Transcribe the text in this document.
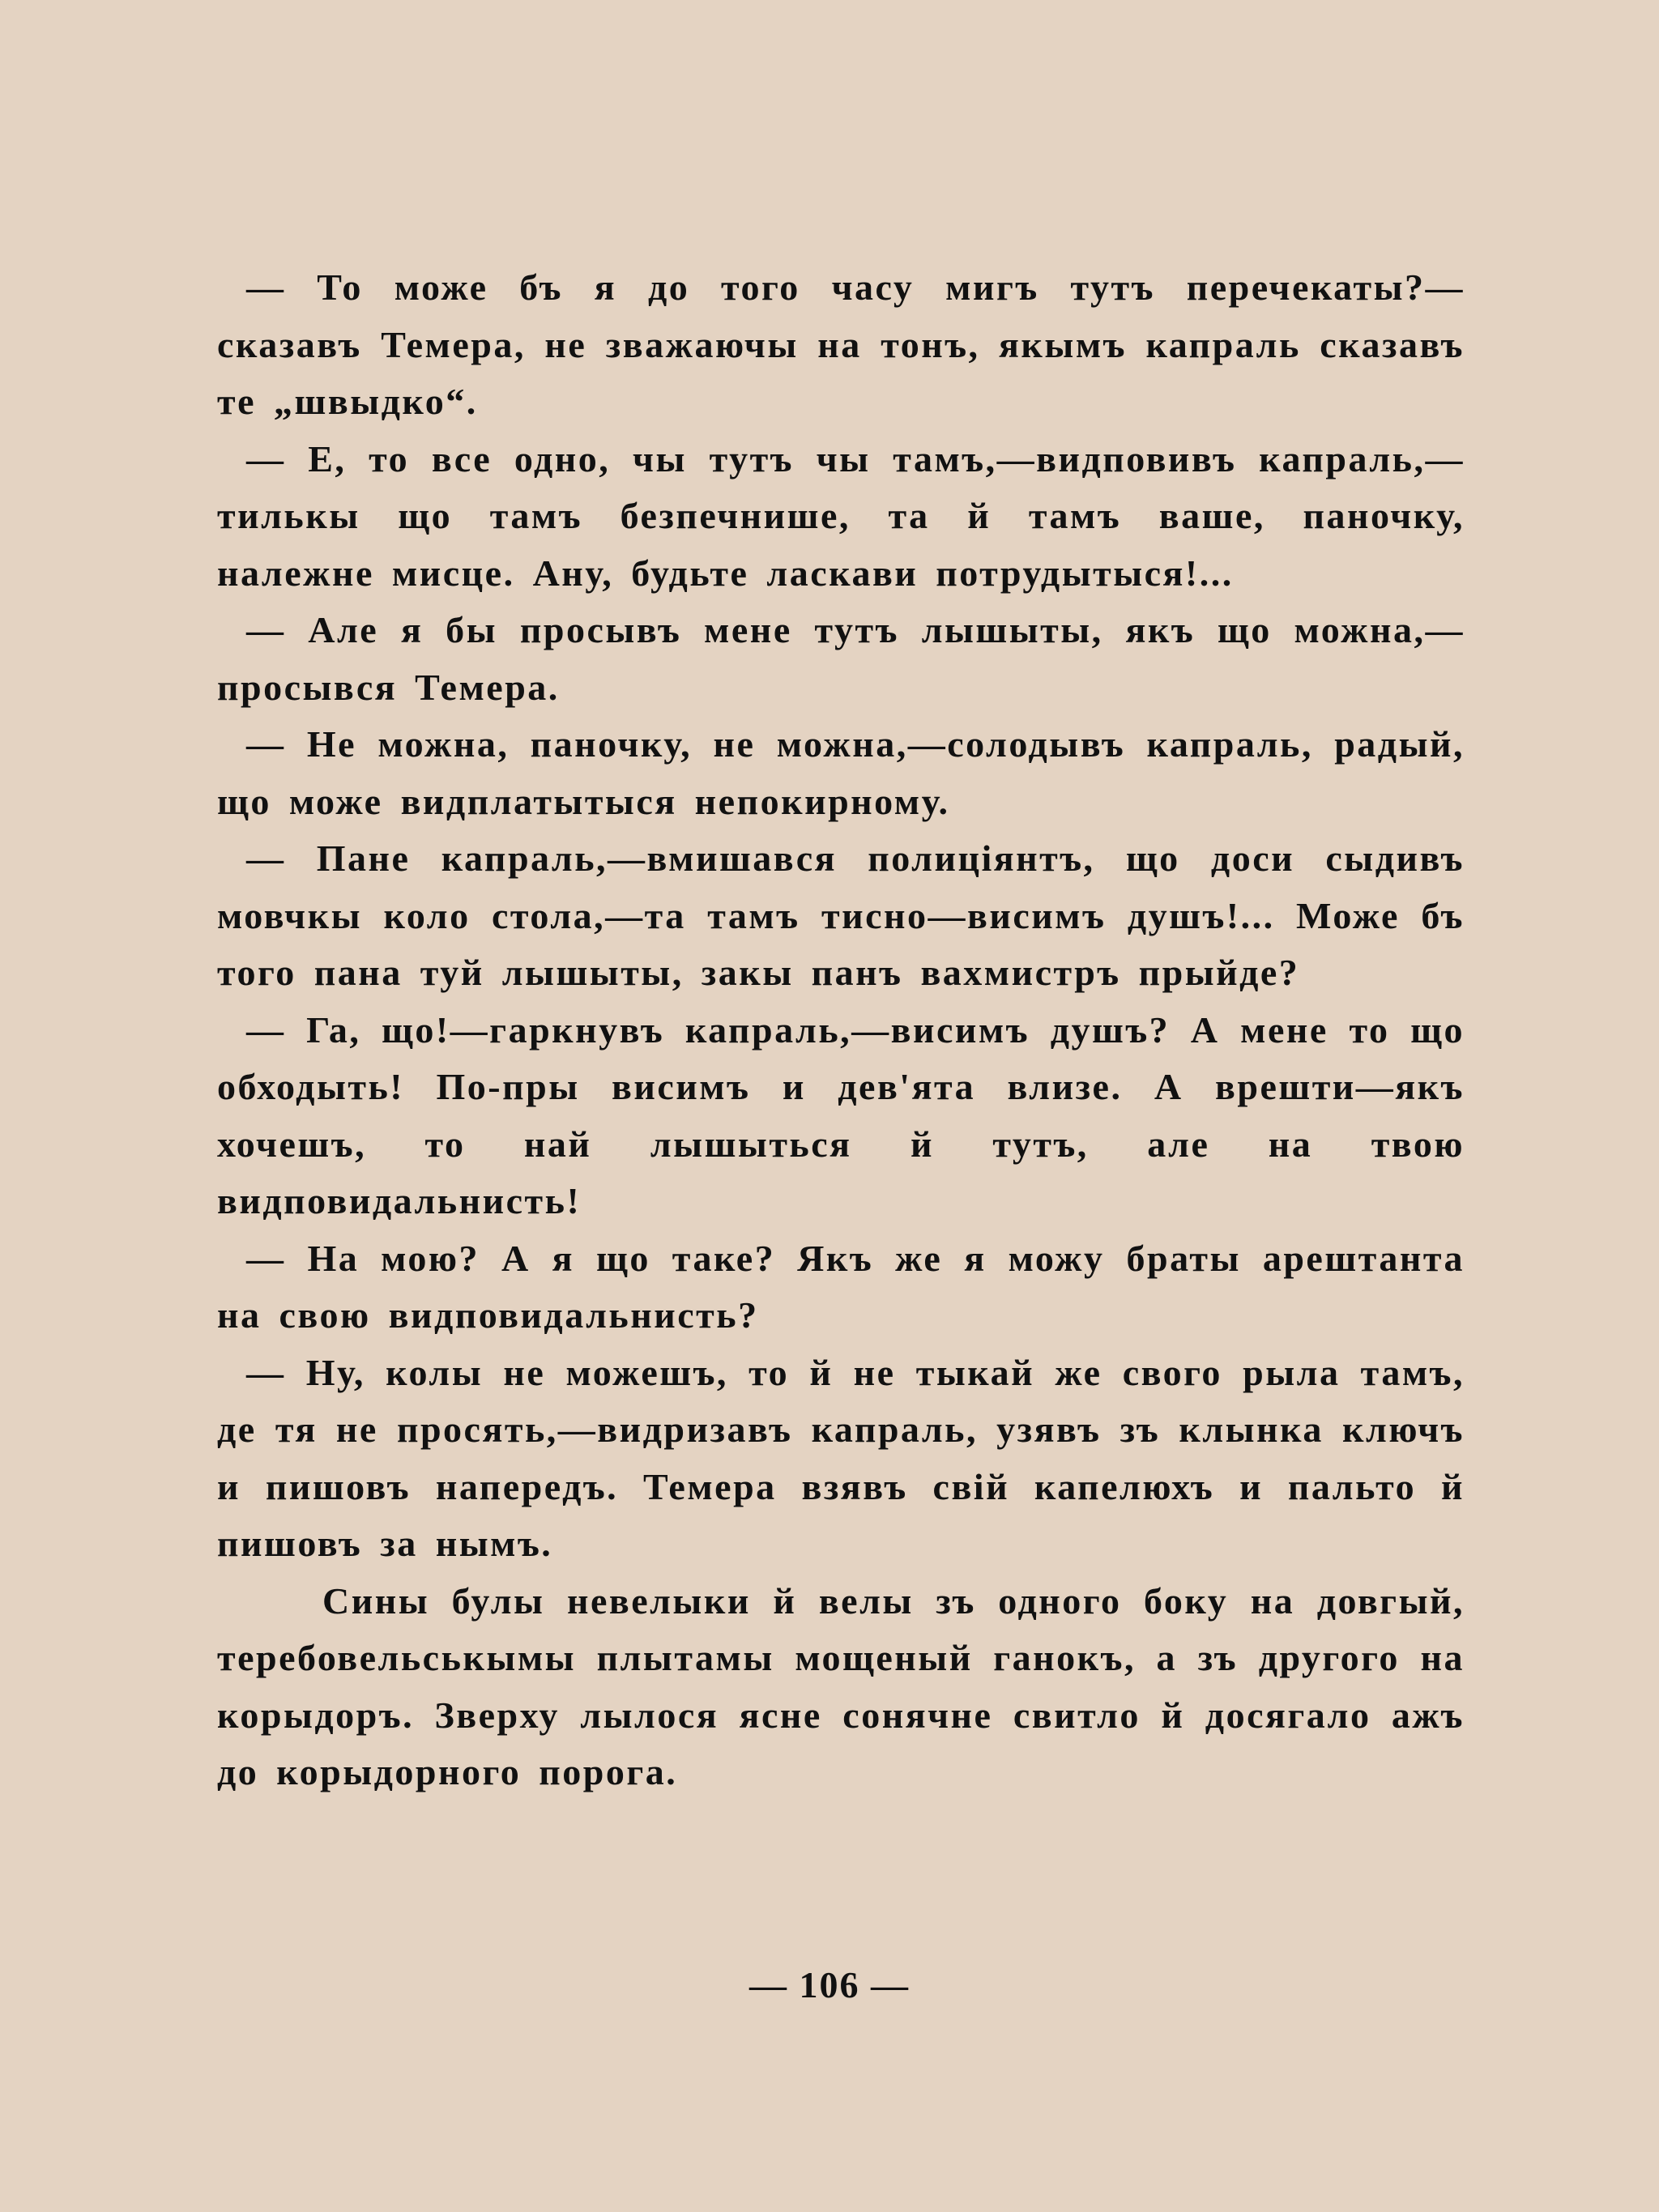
— То може бъ я до того часу мигъ тутъ перечекаты?—сказавъ Темера, не зважаючы на тонъ, якымъ капраль сказавъ те „швыдко“.

— Е, то все одно, чы тутъ чы тамъ,—видповивъ капраль,—тилькы що тамъ безпечнише, та й тамъ ваше, паночку, належне мисце. Ану, будьте ласкави потрудытыся!...

— Але я бы просывъ мене тутъ лышыты, якъ що можна,—просывся Темера.

— Не можна, паночку, не можна,—солодывъ капраль, радый, що може видплатытыся непокирному.

— Пане капраль,—вмишався полицiянтъ, що доси сыдивъ мовчкы коло стола,—та тамъ тисно—висимъ душъ!... Може бъ того пана туй лышыты, закы панъ вахмистръ прыйде?

— Га, що!—гаркнувъ капраль,—висимъ душъ? А мене то що обходыть! По-пры висимъ и дев'ята влизе. А врешти—якъ хочешъ, то най лышыться й тутъ, але на твою видповидальнисть!

— На мою? А я що таке? Якъ же я можу браты арештанта на свою видповидальнисть?

— Ну, колы не можешъ, то й не тыкай же свого рыла тамъ, де тя не просять,—видризавъ капраль, узявъ зъ клынка ключъ и пишовъ напередъ. Темера взявъ свiй капелюхъ и пальто й пишовъ за нымъ.

Сины булы невелыки й велы зъ одного боку на довгый, теребовельськымы плытамы мощеный ганокъ, а зъ другого на корыдоръ. Зверху лылося ясне сонячне свитло й досягало ажъ до корыдорного порога.

— 106 —
